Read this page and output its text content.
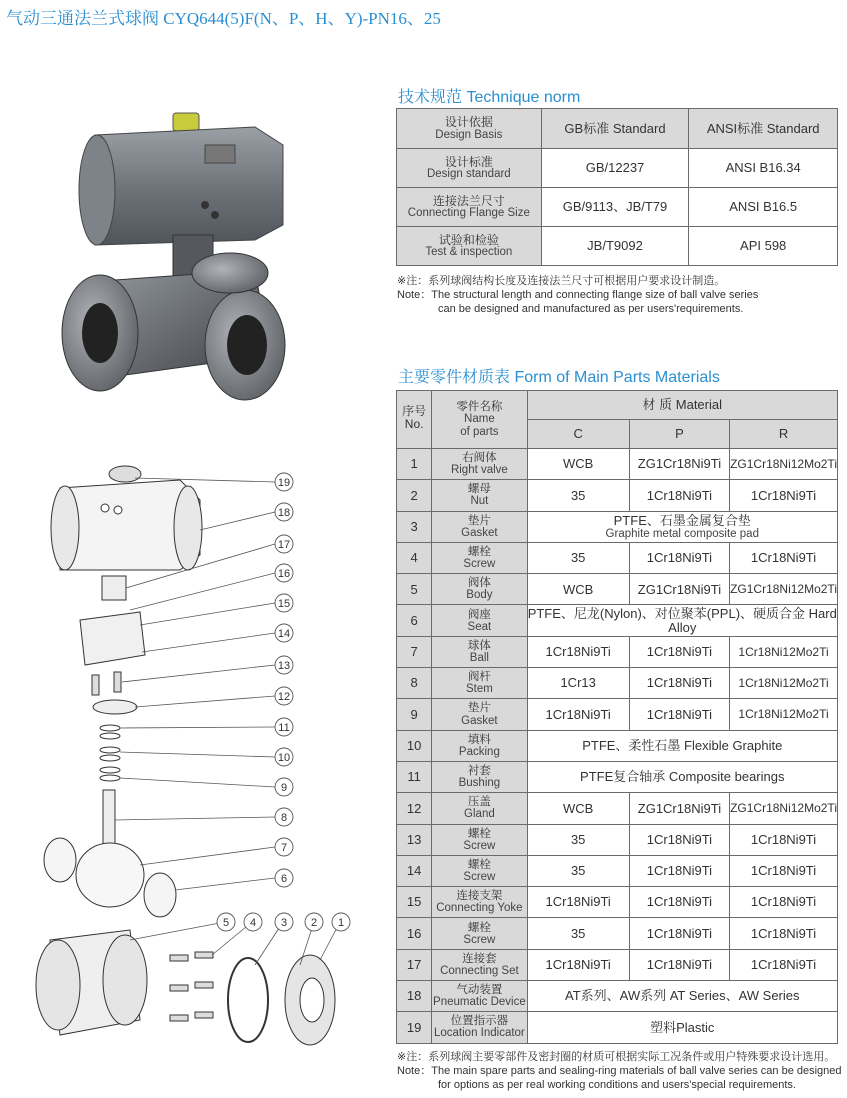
气动三通法兰式球阀 CYQ644(5)F(N、P、H、Y)-PN16、25
19
18
17
16
15
14
13
12
11
10
9
8
7
6
5 4 3 2 1
技术规范 Technique norm
设计依据
Design Basis	GB标准 Standard	ANSI标准 Standard

设计标准
Design standard	GB/12237	ANSI B16.34

连接法兰尺寸
Connecting Flange Size	GB/9113、JB/T79	ANSI B16.5

试验和检验
Test & inspection	JB/T9092	API 598
※注：系列球阀结构长度及连接法兰尺寸可根据用户要求设计制造。
Note：The structural length and connecting flange size of ball valve series
can be designed and manufactured as per users'requirements.
主要零件材质表 Form of Main Parts Materials
序号
No.	零件名称
Name
of parts	材 质 Material		
		C	P	R
1	右阀体
Right valve	WCB	ZG1Cr18Ni9Ti	ZG1Cr18Ni12Mo2Ti
2	螺母
Nut	35	1Cr18Ni9Ti	1Cr18Ni9Ti
3	垫片
Gasket	PTFE、石墨金属复合垫
Graphite metal composite pad		

4	螺栓
Screw	35	1Cr18Ni9Ti	1Cr18Ni9Ti
5	阀体
Body	WCB	ZG1Cr18Ni9Ti	ZG1Cr18Ni12Mo2Ti
6	阀座
Seat	PTFE、尼龙(Nylon)、对位聚苯(PPL)、硬质合金 Hard Alloy		

7	球体
Ball	1Cr18Ni9Ti	1Cr18Ni9Ti	1Cr18Ni12Mo2Ti
8	阀杆
Stem	1Cr13	1Cr18Ni9Ti	1Cr18Ni12Mo2Ti
9	垫片
Gasket	1Cr18Ni9Ti	1Cr18Ni9Ti	1Cr18Ni12Mo2Ti
10	填料
Packing	PTFE、柔性石墨 Flexible Graphite		

11	衬套
Bushing	PTFE复合轴承 Composite bearings		

12	压盖
Gland	WCB	ZG1Cr18Ni9Ti	ZG1Cr18Ni12Mo2Ti
13	螺栓
Screw	35	1Cr18Ni9Ti	1Cr18Ni9Ti
14	螺栓
Screw	35	1Cr18Ni9Ti	1Cr18Ni9Ti
15	连接支架
Connecting Yoke	1Cr18Ni9Ti	1Cr18Ni9Ti	1Cr18Ni9Ti
16	螺栓
Screw	35	1Cr18Ni9Ti	1Cr18Ni9Ti
17	连接套
Connecting Set	1Cr18Ni9Ti	1Cr18Ni9Ti	1Cr18Ni9Ti
18	气动装置
Pneumatic Device	AT系列、AW系列 AT Series、AW Series		

19	位置指示器
Location Indicator	塑料Plastic		
※注：系列球阀主要零部件及密封圈的材质可根据实际工况条件或用户特殊要求设计选用。
Note：The main spare parts and sealing-ring materials of ball valve series can be designed
for options as per real working conditions and users'special requirements.
